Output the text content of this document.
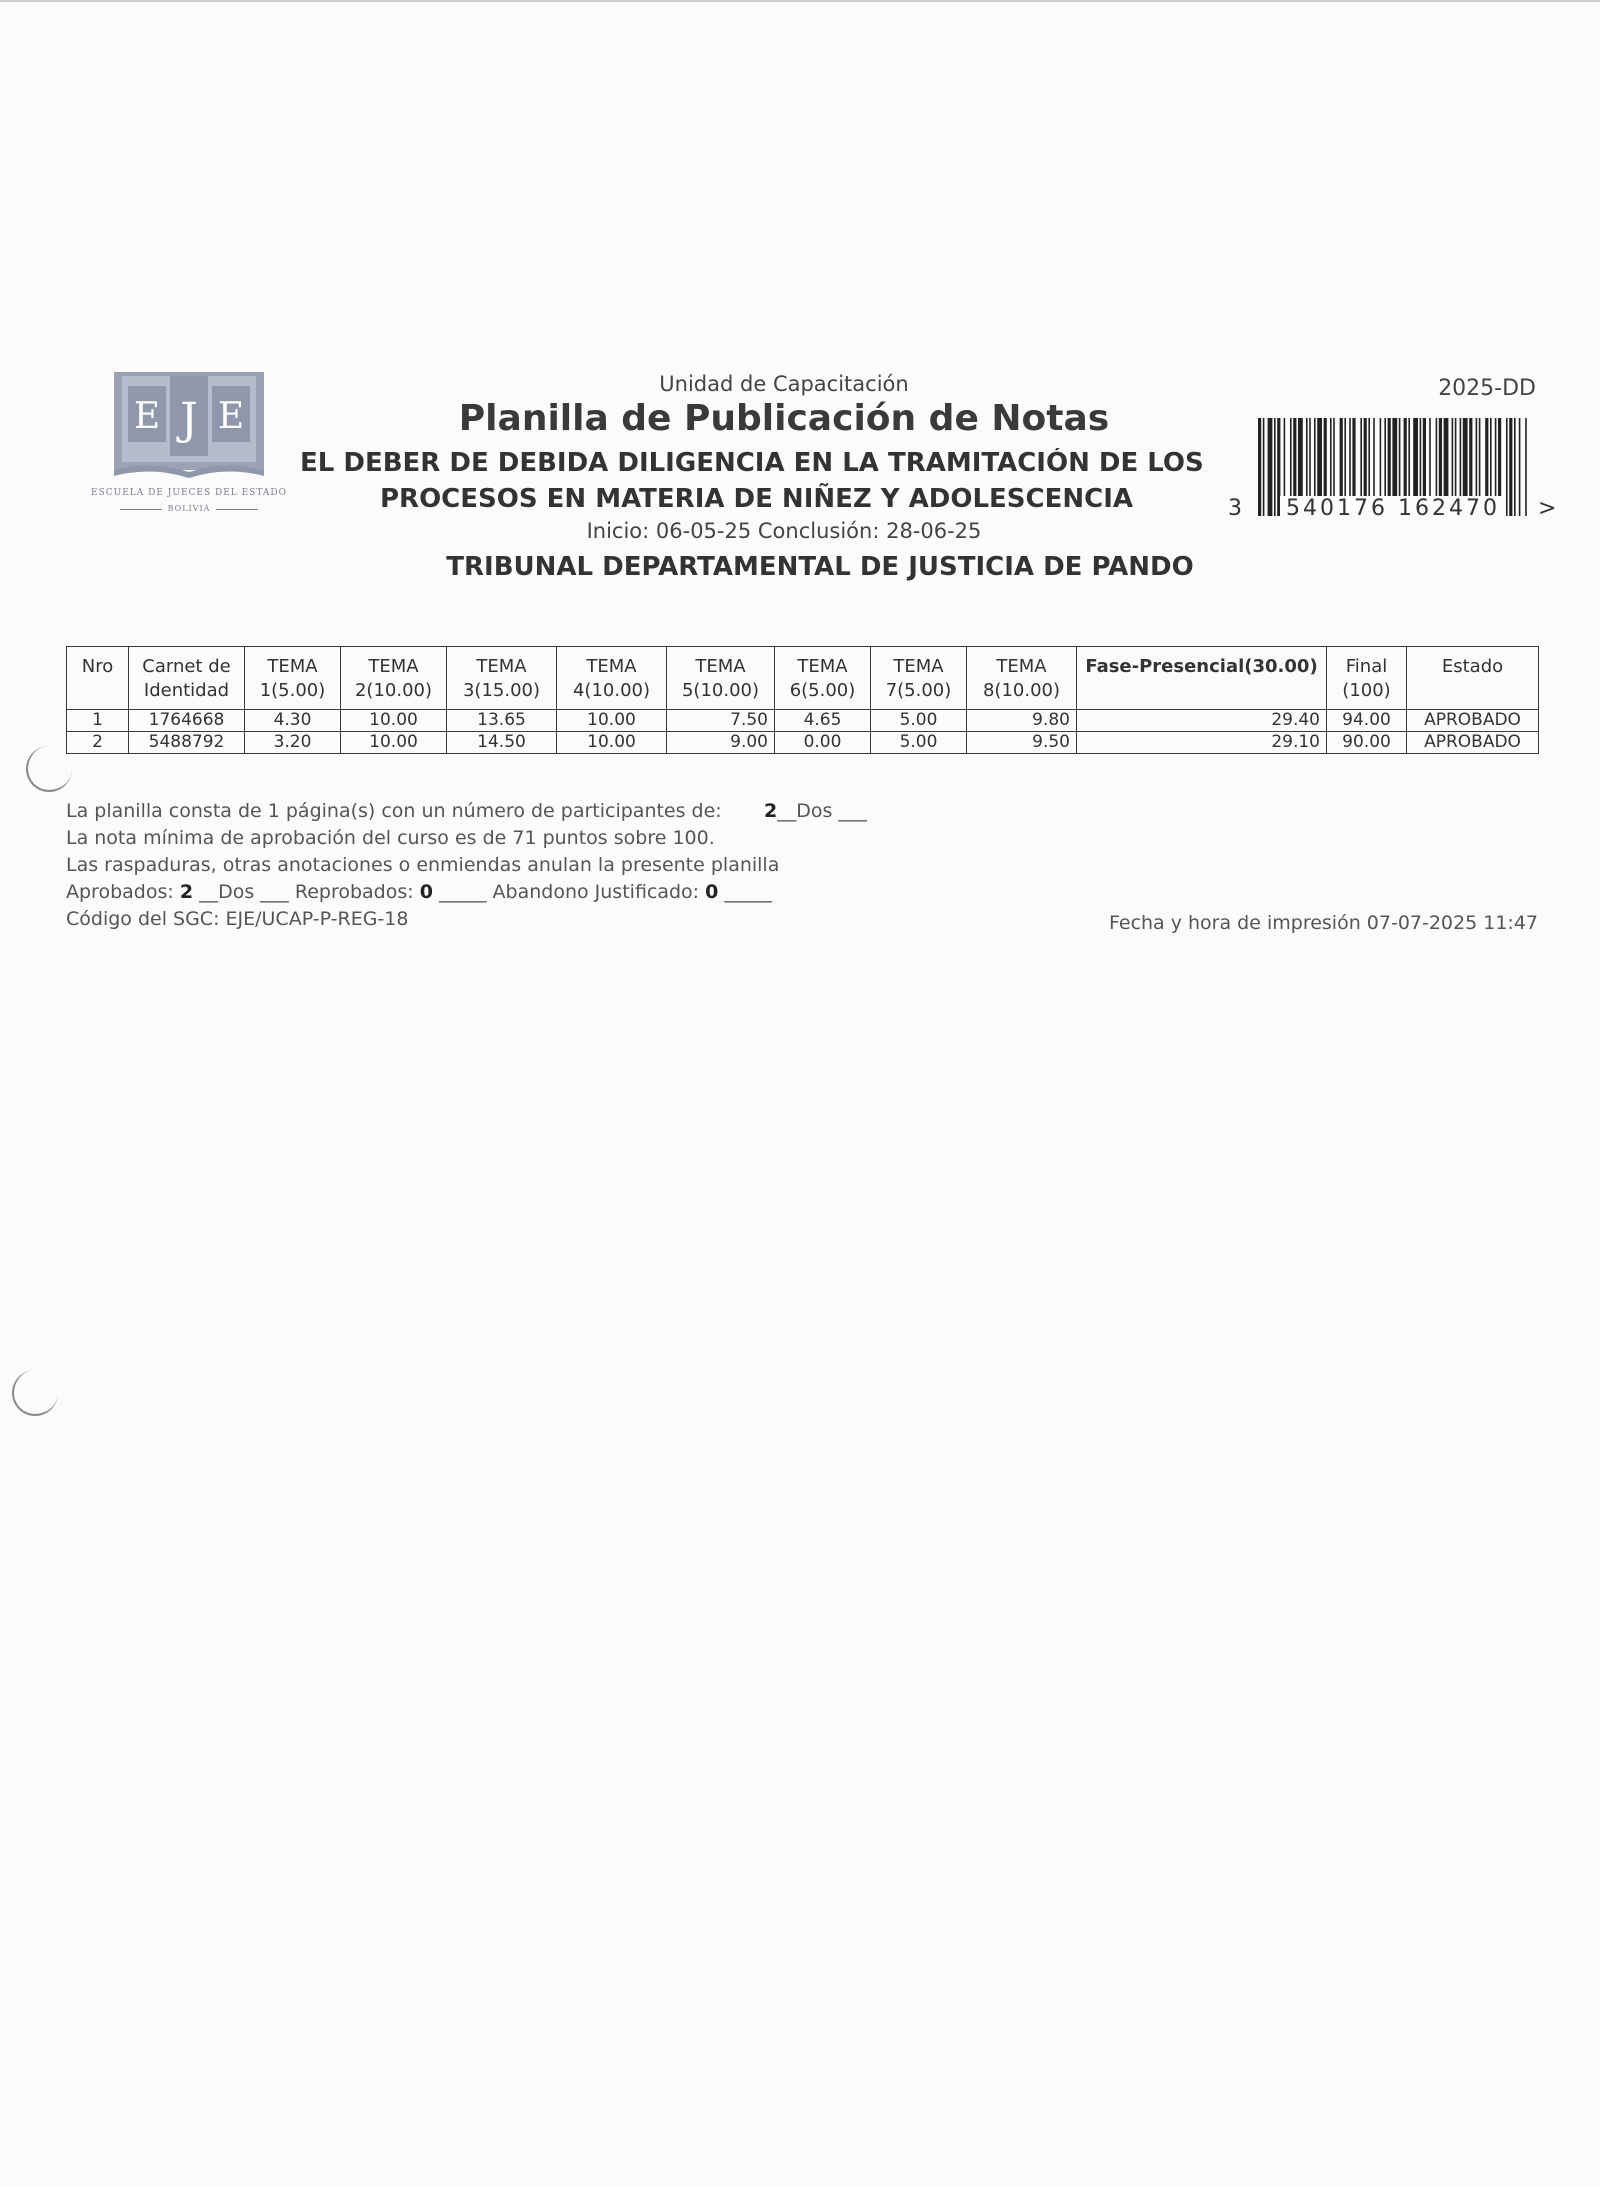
E J E
ESCUELA DE JUECES DEL ESTADO
BOLIVIA
Unidad de Capacitación
Planilla de Publicación de Notas
EL DEBER DE DEBIDA DILIGENCIA EN LA TRAMITACIÓN DE LOS
PROCESOS EN MATERIA DE NIÑEZ Y ADOLESCENCIA
Inicio: 06-05-25 Conclusión: 28-06-25
TRIBUNAL DEPARTAMENTAL DE JUSTICIA DE PANDO
2025-DD
3 540176 162470 >
Nro	Carnet de Identidad	TEMA 1(5.00)	TEMA 2(10.00)	TEMA 3(15.00)	TEMA 4(10.00)	TEMA 5(10.00)	TEMA 6(5.00)	TEMA 7(5.00)	TEMA 8(10.00)	Fase-Presencial(30.00)	Final (100)	Estado
1	1764668	4.30	10.00	13.65	10.00	7.50	4.65	5.00	9.80	29.40	94.00	APROBADO
2	5488792	3.20	10.00	14.50	10.00	9.00	0.00	5.00	9.50	29.10	90.00	APROBADO
La planilla consta de 1 página(s) con un número de participantes de: 2__Dos ___
La nota mínima de aprobación del curso es de 71 puntos sobre 100.
Las raspaduras, otras anotaciones o enmiendas anulan la presente planilla
Aprobados: 2 __Dos ___ Reprobados: 0 _____ Abandono Justificado: 0 _____
Código del SGC: EJE/UCAP-P-REG-18	Fecha y hora de impresión 07-07-2025 11:47
